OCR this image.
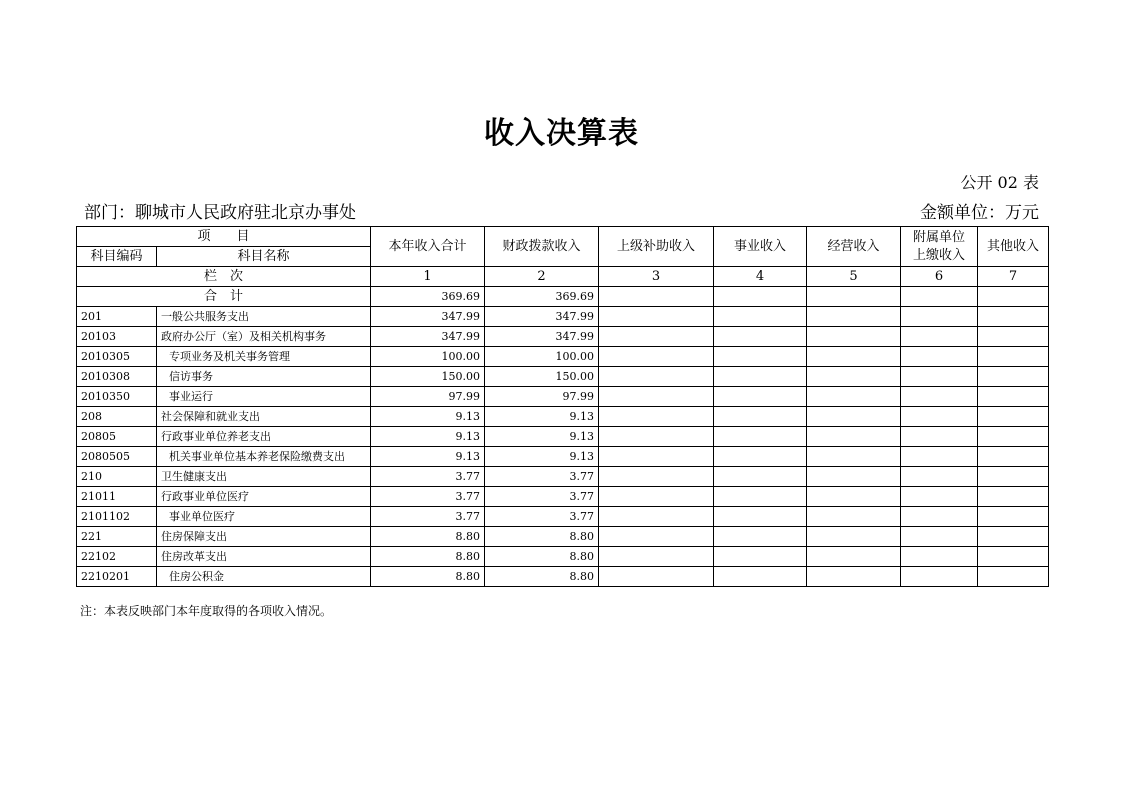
收入决算表
公开 02 表
部门：聊城市人民政府驻北京办事处	金额单位：万元
项　　目		本年收入合计	财政拨款收入	上级补助收入	事业收入	经营收入	附属单位上缴收入	其他收入
科目编码	科目名称							
栏　次		1	2	3	4	5	6	7
合　计		369.69	369.69					
201	一般公共服务支出	347.99	347.99					
20103	政府办公厅（室）及相关机构事务	347.99	347.99					
2010305	专项业务及机关事务管理	100.00	100.00					
2010308	信访事务	150.00	150.00					
2010350	事业运行	97.99	97.99					
208	社会保障和就业支出	9.13	9.13					
20805	行政事业单位养老支出	9.13	9.13					
2080505	机关事业单位基本养老保险缴费支出	9.13	9.13					
210	卫生健康支出	3.77	3.77					
21011	行政事业单位医疗	3.77	3.77					
2101102	事业单位医疗	3.77	3.77					
221	住房保障支出	8.80	8.80					
22102	住房改革支出	8.80	8.80					
2210201	住房公积金	8.80	8.80					
注：本表反映部门本年度取得的各项收入情况。
